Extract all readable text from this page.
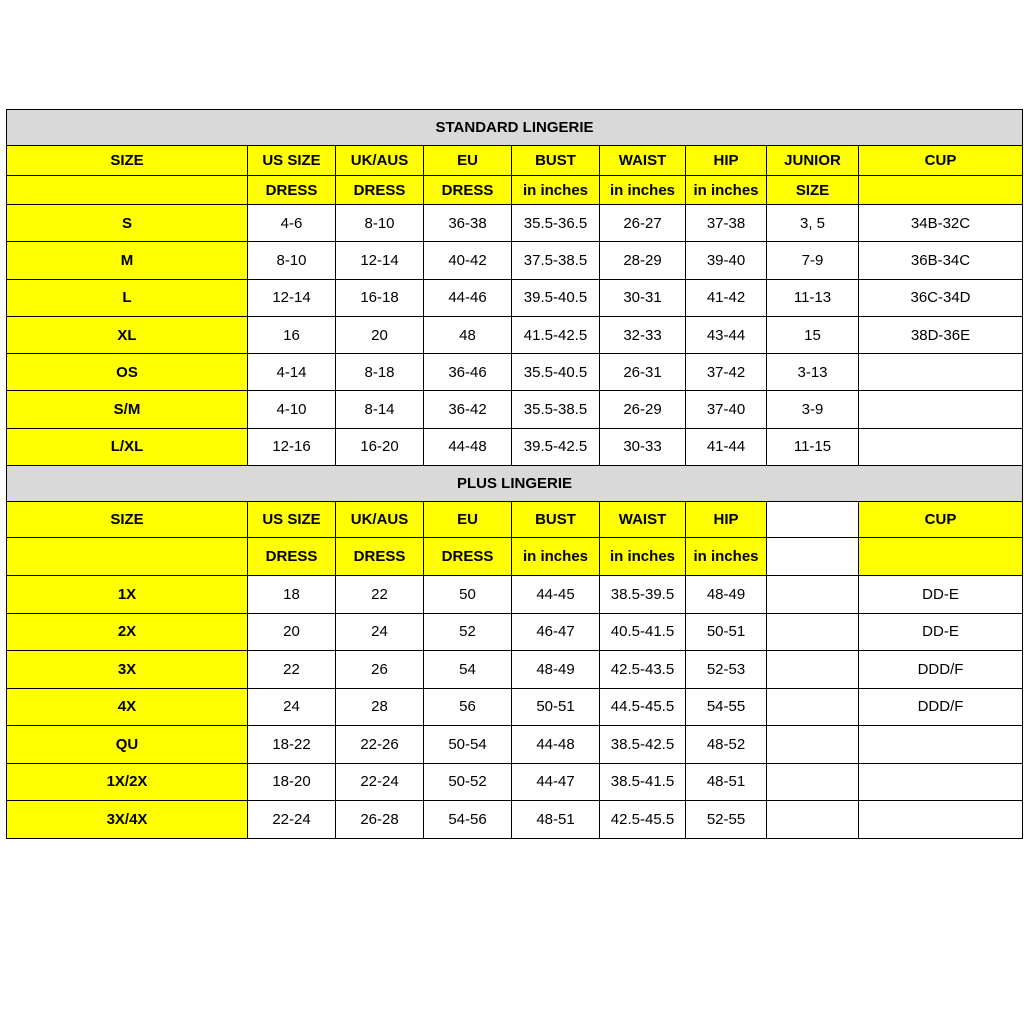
STANDARD LINGERIE								
SIZE	US SIZE	UK/AUS	EU	BUST	WAIST	HIP	JUNIOR	CUP
	DRESS	DRESS	DRESS	in inches	in inches	in inches	SIZE	
S	4-6	8-10	36-38	35.5-36.5	26-27	37-38	3, 5	34B-32C
M	8-10	12-14	40-42	37.5-38.5	28-29	39-40	7-9	36B-34C
L	12-14	16-18	44-46	39.5-40.5	30-31	41-42	11-13	36C-34D
XL	16	20	48	41.5-42.5	32-33	43-44	15	38D-36E
OS	4-14	8-18	36-46	35.5-40.5	26-31	37-42	3-13	
S/M	4-10	8-14	36-42	35.5-38.5	26-29	37-40	3-9	
L/XL	12-16	16-20	44-48	39.5-42.5	30-33	41-44	11-15	
PLUS LINGERIE								
SIZE	US SIZE	UK/AUS	EU	BUST	WAIST	HIP		CUP
	DRESS	DRESS	DRESS	in inches	in inches	in inches		
1X	18	22	50	44-45	38.5-39.5	48-49		DD-E
2X	20	24	52	46-47	40.5-41.5	50-51		DD-E
3X	22	26	54	48-49	42.5-43.5	52-53		DDD/F
4X	24	28	56	50-51	44.5-45.5	54-55		DDD/F
QU	18-22	22-26	50-54	44-48	38.5-42.5	48-52		
1X/2X	18-20	22-24	50-52	44-47	38.5-41.5	48-51		
3X/4X	22-24	26-28	54-56	48-51	42.5-45.5	52-55		
